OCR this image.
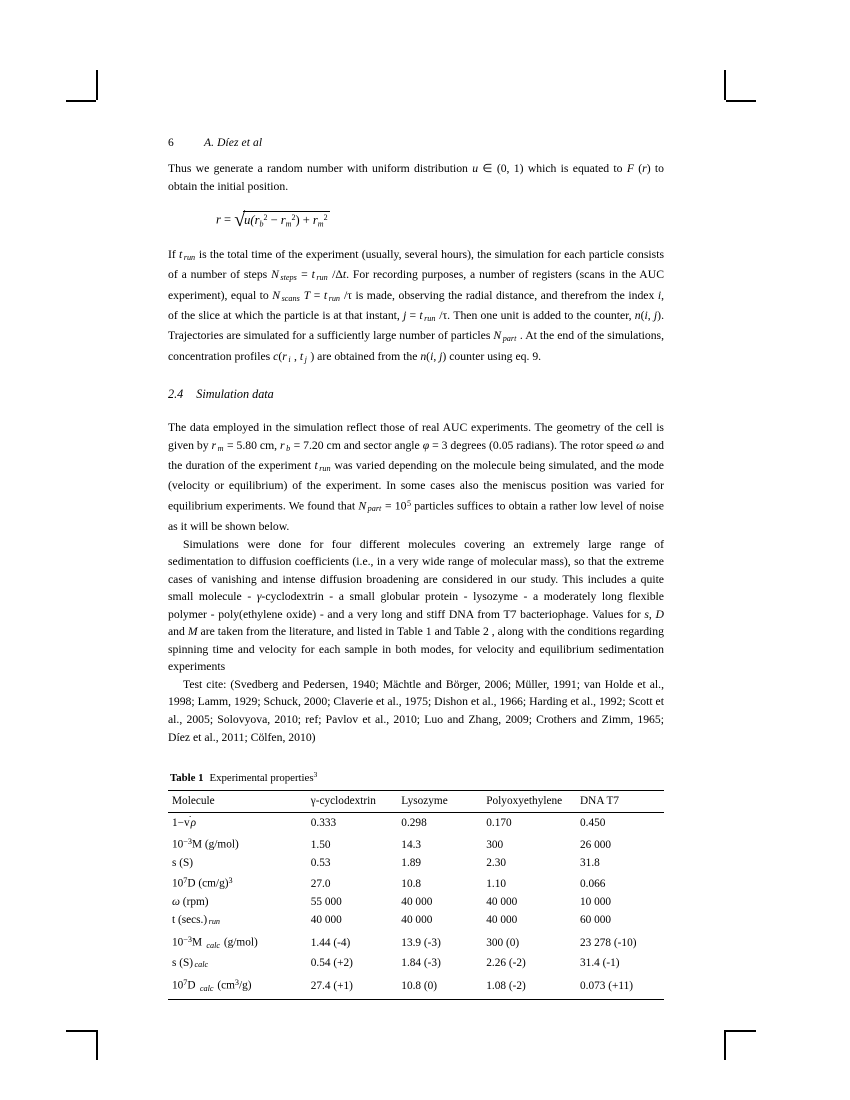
6	A. Díez et al

Thus we generate a random number with uniform distribution u ∈ (0, 1) which is equated to F (r) to obtain the initial position.

$r = √u(rb^2 - rm^2) + rm^2$

If t $_{run}$ is the total time of the experiment (usually, several hours), the simulation for each particle consists of a number of steps N $_{steps}$ = t $_{run}$ /Δt. For recording purposes, a number of registers (scans in the AUC experiment), equal to N $_{scans}$ T = t $_{run}$ /τ is made, observing the radial distance, and therefrom the index i, of the slice at which the particle is at that instant, j = t $_{run}$ /τ. Then one unit is added to the counter, n(i, j). Trajectories are simulated for a sufficiently large number of particles N $_{part}$ . At the end of the simulations, concentration profiles c(r $_i$ , t $_j$ ) are obtained from the n(i, j) counter using eq. 9.

2.4 Simulation data

The data employed in the simulation reflect those of real AUC experiments. The geometry of the cell is given by r $_m$ = 5.80 cm, r $_b$ = 7.20 cm and sector angle φ = 3 degrees (0.05 radians). The rotor speed ω and the duration of the experiment t $_{run}$ was varied depending on the molecule being simulated, and the mode (velocity or equilibrium) of the experiment. In some cases also the meniscus position was varied for equilibrium experiments. We found that N $_{part} = 10^5$ particles suffices to obtain a rather low level of noise as it will be shown below.

Simulations were done for four different molecules covering an extremely large range of sedimentation to diffusion coefficients (i.e., in a very wide range of molecular mass), so that the extreme cases of vanishing and intense diffusion broadening are considered in our study. This includes a quite small molecule - γ-cyclodextrin - a small globular protein - lysozyme - a moderately long flexible polymer - poly(ethylene oxide) - and a very long and stiff DNA from T7 bacteriophage. Values for s, D and M are taken from the literature, and listed in Table 1 and Table 2 , along with the conditions regarding spinning time and velocity for each sample in both modes, for velocity and equilibrium sedimentation experiments

Test cite: (Svedberg and Pedersen, 1940; Mächtle and Börger, 2006; Müller, 1991; van Holde et al., 1998; Lamm, 1929; Schuck, 2000; Claverie et al., 1975; Dishon et al., 1966; Harding et al., 1992; Scott et al., 2005; Solovyova, 2010; ref; Pavlov et al., 2010; Luo and Zhang, 2009; Crothers and Zimm, 1965; Díez et al., 2011; Cölfen, 2010)

Table 1 Experimental properties$^3$
Molecule	γ-cyclodextrin	Lysozyme	Polyoxyethylene	DNA T7
1−v ρ	0.333	0.298	0.170	0.450
$10^{-3}M$ (g/mol)	1.50	14.3	300	26 000
s (S)	0.53	1.89	2.30	31.8
$10^7D$ $(cm/g)^3$	27.0	10.8	1.10	0.066
ω (rpm)	55 000	40 000	40 000	10 000
t (secs.) run	40 000	40 000	40 000	60 000
$10^{-3}M$ calc (g/mol)	1.44 (-4)	13.9 (-3)	300 (0)	23 278 (-10)
s (S) calc	0.54 (+2)	1.84 (-3)	2.26 (-2)	31.4 (-1)
$10^7D$ calc $(cm^3/g)$	27.4 (+1)	10.8 (0)	1.08 (-2)	0.073 (+11)
